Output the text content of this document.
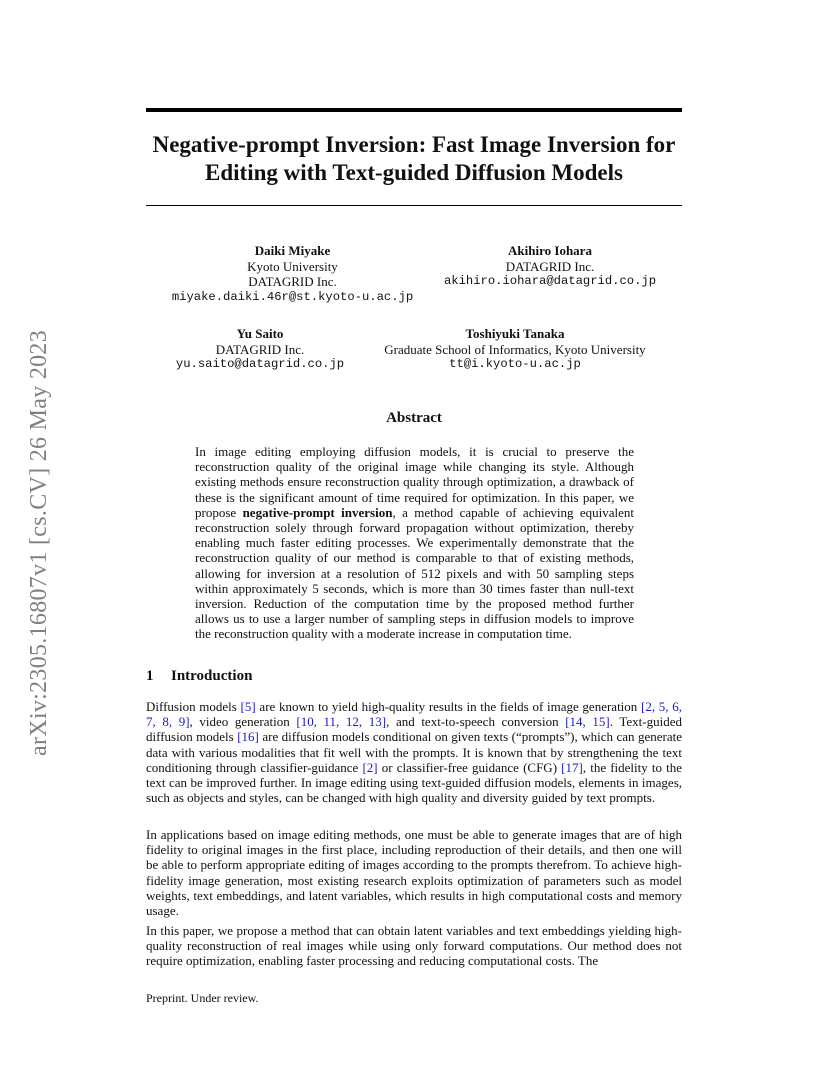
arXiv:2305.16807v1 [cs.CV] 26 May 2023
Negative-prompt Inversion: Fast Image Inversion for Editing with Text-guided Diffusion Models
Daiki Miyake
Kyoto University
DATAGRID Inc.
miyake.daiki.46r@st.kyoto-u.ac.jp
Akihiro Iohara
DATAGRID Inc.
akihiro.iohara@datagrid.co.jp
Yu Saito
DATAGRID Inc.
yu.saito@datagrid.co.jp
Toshiyuki Tanaka
Graduate School of Informatics, Kyoto University
tt@i.kyoto-u.ac.jp
Abstract
In image editing employing diffusion models, it is crucial to preserve the reconstruction quality of the original image while changing its style. Although existing methods ensure reconstruction quality through optimization, a drawback of these is the significant amount of time required for optimization. In this paper, we propose negative-prompt inversion, a method capable of achieving equivalent reconstruction solely through forward propagation without optimization, thereby enabling much faster editing processes. We experimentally demonstrate that the reconstruction quality of our method is comparable to that of existing methods, allowing for inversion at a resolution of 512 pixels and with 50 sampling steps within approximately 5 seconds, which is more than 30 times faster than null-text inversion. Reduction of the computation time by the proposed method further allows us to use a larger number of sampling steps in diffusion models to improve the reconstruction quality with a moderate increase in computation time.
1 Introduction
Diffusion models [5] are known to yield high-quality results in the fields of image generation [2, 5, 6, 7, 8, 9], video generation [10, 11, 12, 13], and text-to-speech conversion [14, 15]. Text-guided diffusion models [16] are diffusion models conditional on given texts (“prompts”), which can generate data with various modalities that fit well with the prompts. It is known that by strengthening the text conditioning through classifier-guidance [2] or classifier-free guidance (CFG) [17], the fidelity to the text can be improved further. In image editing using text-guided diffusion models, elements in images, such as objects and styles, can be changed with high quality and diversity guided by text prompts.
In applications based on image editing methods, one must be able to generate images that are of high fidelity to original images in the first place, including reproduction of their details, and then one will be able to perform appropriate editing of images according to the prompts therefrom. To achieve high-fidelity image generation, most existing research exploits optimization of parameters such as model weights, text embeddings, and latent variables, which results in high computational costs and memory usage.
In this paper, we propose a method that can obtain latent variables and text embeddings yielding high-quality reconstruction of real images while using only forward computations. Our method does not require optimization, enabling faster processing and reducing computational costs. The
Preprint. Under review.
